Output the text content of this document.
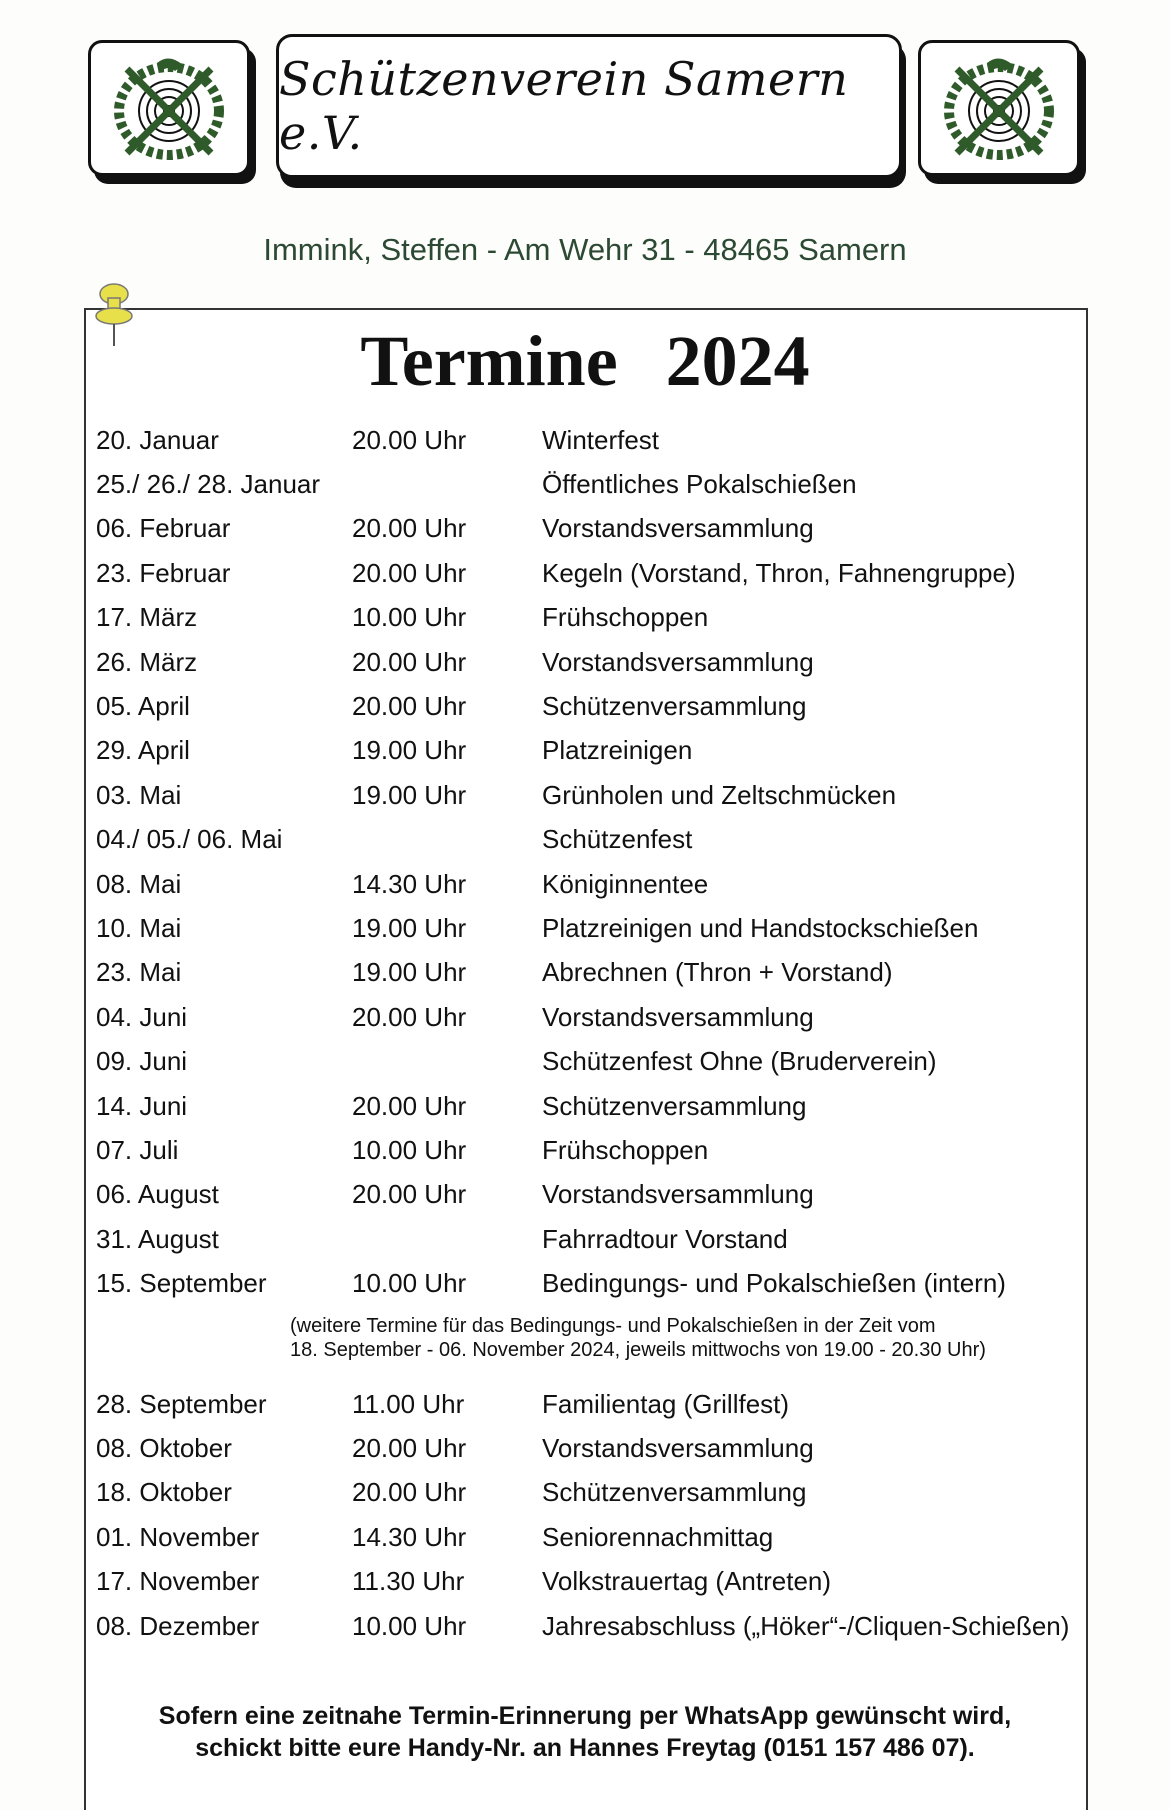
Schützenverein Samern e.V.
Immink, Steffen - Am Wehr 31 - 48465 Samern
Termine 2024
20. Januar	20.00 Uhr	Winterfest
25./ 26./ 28. Januar	Öffentliches Pokalschießen
06. Februar	20.00 Uhr	Vorstandsversammlung
23. Februar	20.00 Uhr	Kegeln (Vorstand, Thron, Fahnengruppe)
17. März	10.00 Uhr	Frühschoppen
26. März	20.00 Uhr	Vorstandsversammlung
05. April	20.00 Uhr	Schützenversammlung
29. April	19.00 Uhr	Platzreinigen
03. Mai	19.00 Uhr	Grünholen und Zeltschmücken
04./ 05./ 06. Mai	Schützenfest
08. Mai	14.30 Uhr	Königinnentee
10. Mai	19.00 Uhr	Platzreinigen und Handstockschießen
23. Mai	19.00 Uhr	Abrechnen (Thron + Vorstand)
04. Juni	20.00 Uhr	Vorstandsversammlung
09. Juni	Schützenfest Ohne (Bruderverein)
14. Juni	20.00 Uhr	Schützenversammlung
07. Juli	10.00 Uhr	Frühschoppen
06. August	20.00 Uhr	Vorstandsversammlung
31. August	Fahrradtour Vorstand
15. September	10.00 Uhr	Bedingungs- und Pokalschießen (intern)
(weitere Termine für das Bedingungs- und Pokalschießen in der Zeit vom
18. September - 06. November 2024, jeweils mittwochs von 19.00 - 20.30 Uhr)
28. September	11.00 Uhr	Familientag (Grillfest)
08. Oktober	20.00 Uhr	Vorstandsversammlung
18. Oktober	20.00 Uhr	Schützenversammlung
01. November	14.30 Uhr	Seniorennachmittag
17. November	11.30 Uhr	Volkstrauertag (Antreten)
08. Dezember	10.00 Uhr	Jahresabschluss („Höker“-/Cliquen-Schießen)
Sofern eine zeitnahe Termin-Erinnerung per WhatsApp gewünscht wird,
schickt bitte eure Handy-Nr. an Hannes Freytag (0151 157 486 07).
